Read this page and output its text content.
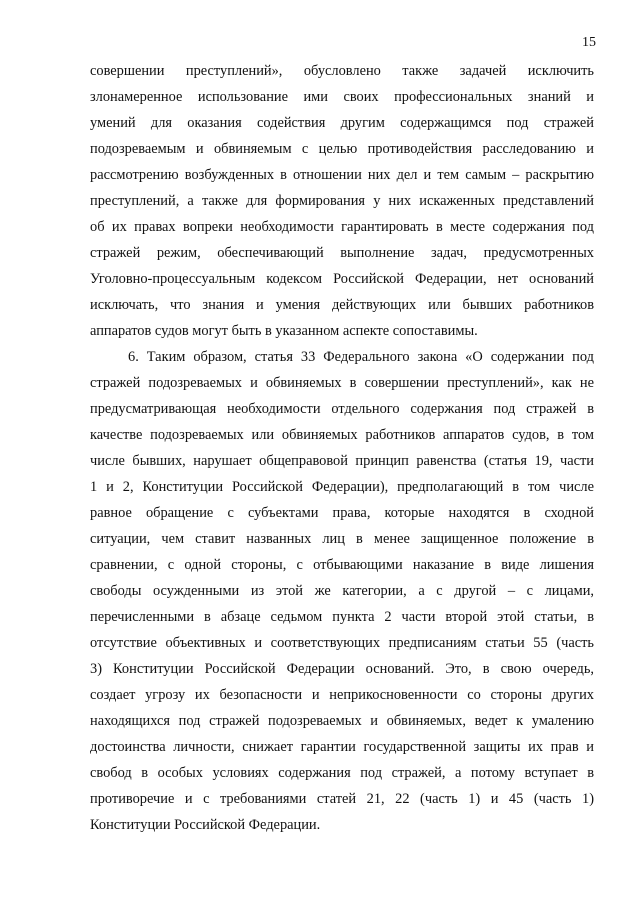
15
совершении преступлений», обусловлено также задачей исключить
злонамеренное использование ими своих профессиональных знаний и
умений для оказания содействия другим содержащимся под стражей
подозреваемым и обвиняемым с целью противодействия расследованию и
рассмотрению возбужденных в отношении них дел и тем самым – раскрытию
преступлений, а также для формирования у них искаженных представлений
об их правах вопреки необходимости гарантировать в месте содержания под
стражей режим, обеспечивающий выполнение задач, предусмотренных
Уголовно-процессуальным кодексом Российской Федерации, нет оснований
исключать, что знания и умения действующих или бывших работников
аппаратов судов могут быть в указанном аспекте сопоставимы.
6. Таким образом, статья 33 Федерального закона «О содержании под
стражей подозреваемых и обвиняемых в совершении преступлений», как не
предусматривающая необходимости отдельного содержания под стражей в
качестве подозреваемых или обвиняемых работников аппаратов судов, в том
числе бывших, нарушает общеправовой принцип равенства (статья 19, части
1 и 2, Конституции Российской Федерации), предполагающий в том числе
равное обращение с субъектами права, которые находятся в сходной
ситуации, чем ставит названных лиц в менее защищенное положение в
сравнении, с одной стороны, с отбывающими наказание в виде лишения
свободы осужденными из этой же категории, а с другой – с лицами,
перечисленными в абзаце седьмом пункта 2 части второй этой статьи, в
отсутствие объективных и соответствующих предписаниям статьи 55 (часть
3) Конституции Российской Федерации оснований. Это, в свою очередь,
создает угрозу их безопасности и неприкосновенности со стороны других
находящихся под стражей подозреваемых и обвиняемых, ведет к умалению
достоинства личности, снижает гарантии государственной защиты их прав и
свобод в особых условиях содержания под стражей, а потому вступает в
противоречие и с требованиями статей 21, 22 (часть 1) и 45 (часть 1)
Конституции Российской Федерации.
